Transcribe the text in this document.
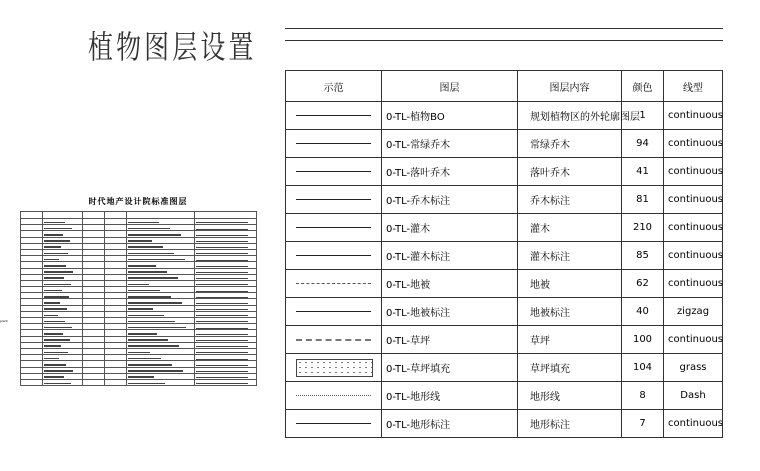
植物图层设置
示范	图层	图层内容	颜色	线型

	0-TL-植物BO	规划植物区的外轮廓图层	1	continuous

	0-TL-常绿乔木	常绿乔木	94	continuous

	0-TL-落叶乔木	落叶乔木	41	continuous

	0-TL-乔木标注	乔木标注	81	continuous

	0-TL-灌木	灌木	210	continuous

	0-TL-灌木标注	灌木标注	85	continuous

	0-TL-地被	地被	62	continuous

	0-TL-地被标注	地被标注	40	zigzag

	0-TL-草坪	草坪	100	continuous

	0-TL-草坪填充	草坪填充	104	grass

	0-TL-地形线	地形线	8	Dash

	0-TL-地形标注	地形标注	7	continuous
时代地产设计院标准图层

plant
